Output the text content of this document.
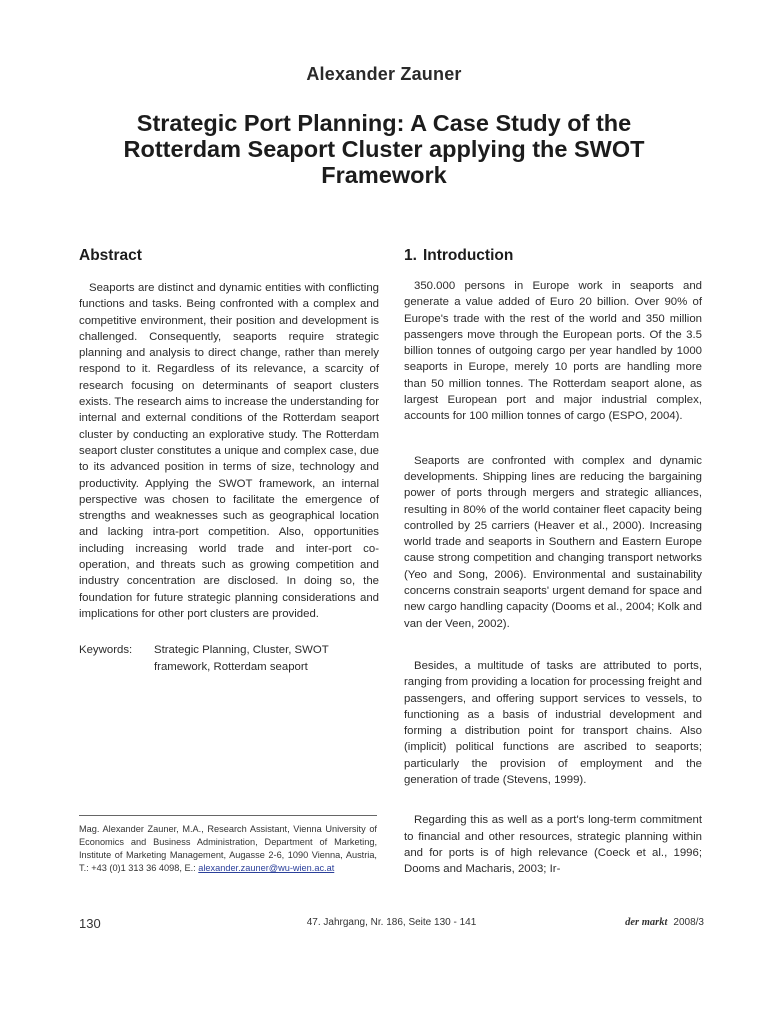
Alexander Zauner
Strategic Port Planning: A Case Study of the
Rotterdam Seaport Cluster applying the SWOT
Framework
Abstract

Seaports are distinct and dynamic entities with conflicting functions and tasks. Being confronted with a complex and competitive environment, their position and development is challenged. Consequently, seaports require strategic planning and analysis to direct change, rather than merely respond to it. Regardless of its relevance, a scarcity of research focusing on determinants of seaport clusters exists. The research aims to increase the understanding for internal and external conditions of the Rotterdam seaport cluster by conducting an explorative study. The Rotterdam seaport cluster constitutes a unique and complex case, due to its advanced position in terms of size, technology and productivity. Applying the SWOT framework, an internal perspective was chosen to facilitate the emergence of strengths and weaknesses such as geographical location and lacking intra-port competition. Also, opportunities including increasing world trade and inter-port co-operation, and threats such as growing competition and industry concentration are disclosed. In doing so, the foundation for future strategic planning considerations and implications for other port clusters are provided.

Keywords:	Strategic Planning, Cluster, SWOT framework, Rotterdam seaport
Mag. Alexander Zauner, M.A., Research Assistant, Vienna University of Economics and Business Administration, Department of Marketing, Institute of Marketing Management, Augasse 2-6, 1090 Vienna, Austria, T.: +43 (0)1 313 36 4098, E.: alexander.zauner@wu-wien.ac.at
1. Introduction

350.000 persons in Europe work in seaports and generate a value added of Euro 20 billion. Over 90% of Europe's trade with the rest of the world and 350 million passengers move through the European ports. Of the 3.5 billion tonnes of outgoing cargo per year handled by 1000 seaports in Europe, merely 10 ports are handling more than 50 million tonnes. The Rotterdam seaport alone, as largest European port and major industrial complex, accounts for 100 million tonnes of cargo (ESPO, 2004).

Seaports are confronted with complex and dynamic developments. Shipping lines are reducing the bargaining power of ports through mergers and strategic alliances, resulting in 80% of the world container fleet capacity being controlled by 25 carriers (Heaver et al., 2000). Increasing world trade and seaports in Southern and Eastern Europe cause strong competition and changing transport networks (Yeo and Song, 2006). Environmental and sustainability concerns constrain seaports' urgent demand for space and new cargo handling capacity (Dooms et al., 2004; Kolk and van der Veen, 2002).

Besides, a multitude of tasks are attributed to ports, ranging from providing a location for processing freight and passengers, and offering support services to vessels, to functioning as a basis of industrial development and forming a distribution point for transport chains. Also (implicit) political functions are ascribed to seaports; particularly the provision of employment and the generation of trade (Stevens, 1999).

Regarding this as well as a port's long-term commitment to financial and other resources, strategic planning within and for ports is of high relevance (Coeck et al., 1996; Dooms and Macharis, 2003; Ir-

130	47. Jahrgang, Nr. 186, Seite 130 - 141	der markt 2008/3
